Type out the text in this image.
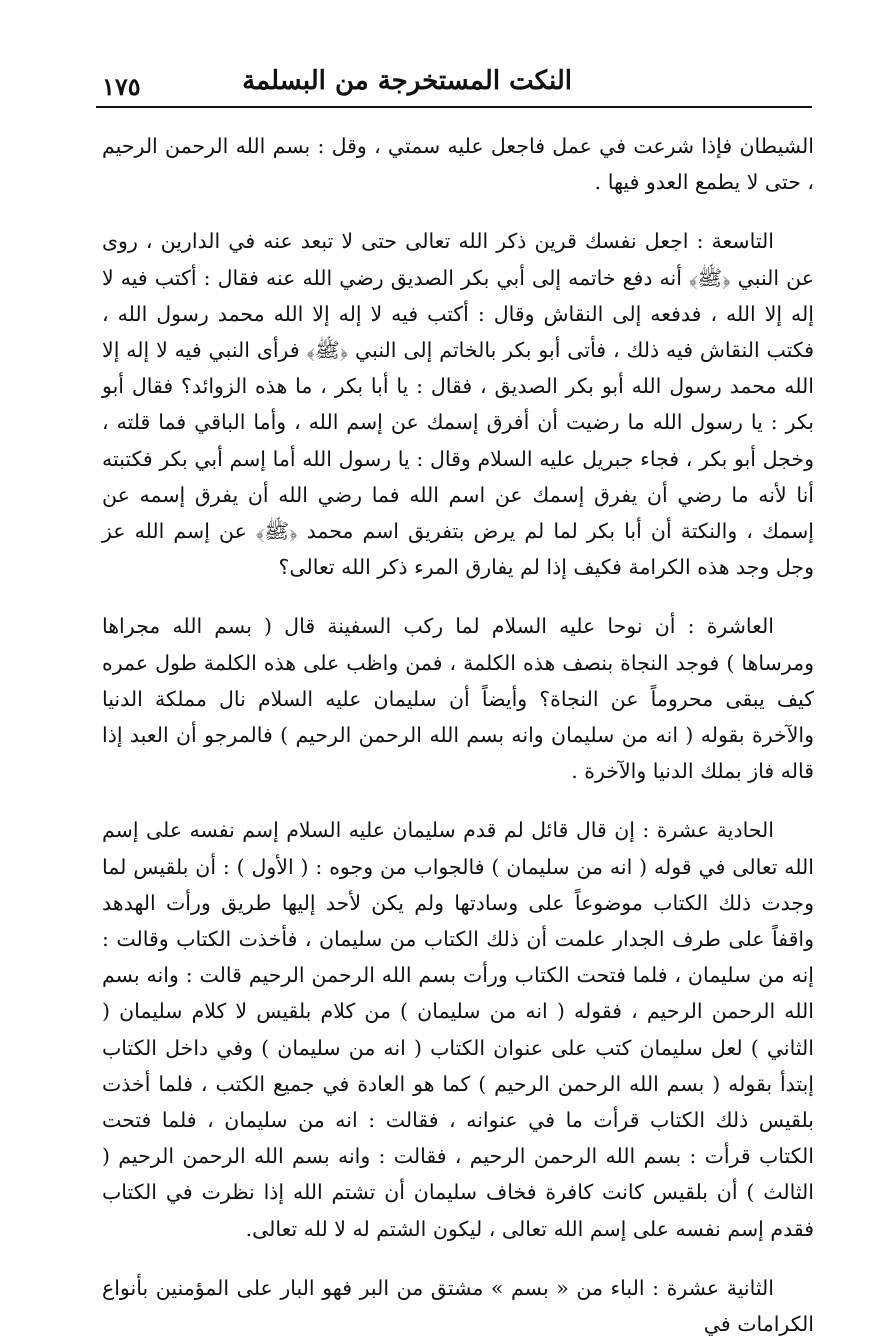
النكت المستخرجة من البسلمة
١٧٥

الشيطان فإذا شرعت في عمل فاجعل عليه سمتي ، وقل : بسم الله الرحمن الرحيم ، حتى لا يطمع العدو فيها .

التاسعة : اجعل نفسك قرين ذكر الله تعالى حتى لا تبعد عنه في الدارين ، روى عن النبي ﴿ﷺ﴾ أنه دفع خاتمه إلى أبي بكر الصديق رضي الله عنه فقال : أكتب فيه لا إله إلا الله ، فدفعه إلى النقاش وقال : أكتب فيه لا إله إلا الله محمد رسول الله ، فكتب النقاش فيه ذلك ، فأتى أبو بكر بالخاتم إلى النبي ﴿ﷺ﴾ فرأى النبي فيه لا إله إلا الله محمد رسول الله أبو بكر الصديق ، فقال : يا أبا بكر ، ما هذه الزوائد؟ فقال أبو بكر : يا رسول الله ما رضيت أن أفرق إسمك عن إسم الله ، وأما الباقي فما قلته ، وخجل أبو بكر ، فجاء جبريل عليه السلام وقال : يا رسول الله أما إسم أبي بكر فكتبته أنا لأنه ما رضي أن يفرق إسمك عن اسم الله فما رضي الله أن يفرق إسمه عن إسمك ، والنكتة أن أبا بكر لما لم يرض بتفريق اسم محمد ﴿ﷺ﴾ عن إسم الله عز وجل وجد هذه الكرامة فكيف إذا لم يفارق المرء ذكر الله تعالى؟

العاشرة : أن نوحا عليه السلام لما ركب السفينة قال ( بسم الله مجراها ومرساها ) فوجد النجاة بنصف هذه الكلمة ، فمن واظب على هذه الكلمة طول عمره كيف يبقى محروماً عن النجاة؟ وأيضاً أن سليمان عليه السلام نال مملكة الدنيا والآخرة بقوله ( انه من سليمان وانه بسم الله الرحمن الرحيم ) فالمرجو أن العبد إذا قاله فاز بملك الدنيا والآخرة .

الحادية عشرة : إن قال قائل لم قدم سليمان عليه السلام إسم نفسه على إسم الله تعالى في قوله ( انه من سليمان ) فالجواب من وجوه : ( الأول ) : أن بلقيس لما وجدت ذلك الكتاب موضوعاً على وسادتها ولم يكن لأحد إليها طريق ورأت الهدهد واقفاً على طرف الجدار علمت أن ذلك الكتاب من سليمان ، فأخذت الكتاب وقالت : إنه من سليمان ، فلما فتحت الكتاب ورأت بسم الله الرحمن الرحيم قالت : وانه بسم الله الرحمن الرحيم ، فقوله ( انه من سليمان ) من كلام بلقيس لا كلام سليمان ( الثاني ) لعل سليمان كتب على عنوان الكتاب ( انه من سليمان ) وفي داخل الكتاب إبتدأ بقوله ( بسم الله الرحمن الرحيم ) كما هو العادة في جميع الكتب ، فلما أخذت بلقيس ذلك الكتاب قرأت ما في عنوانه ، فقالت : انه من سليمان ، فلما فتحت الكتاب قرأت : بسم الله الرحمن الرحيم ، فقالت : وانه بسم الله الرحمن الرحيم ( الثالث ) أن بلقيس كانت كافرة فخاف سليمان أن تشتم الله إذا نظرت في الكتاب فقدم إسم نفسه على إسم الله تعالى ، ليكون الشتم له لا لله تعالى.

الثانية عشرة : الباء من « بسم » مشتق من البر فهو البار على المؤمنين بأنواع الكرامات في
